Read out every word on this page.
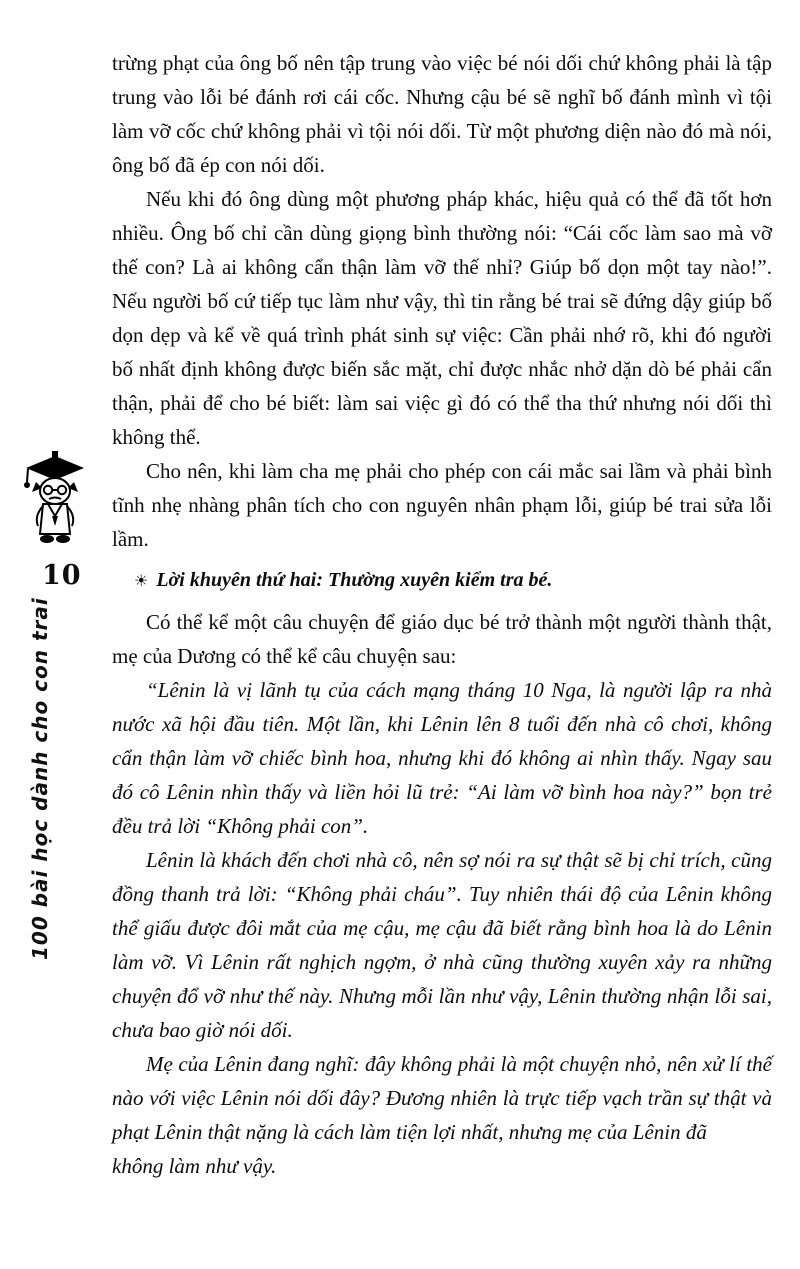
10
100 bài học dành cho con trai

trừng phạt của ông bố nên tập trung vào việc bé nói dối chứ không phải là tập trung vào lỗi bé đánh rơi cái cốc. Nhưng cậu bé sẽ nghĩ bố đánh mình vì tội làm vỡ cốc chứ không phải vì tội nói dối. Từ một phương diện nào đó mà nói, ông bố đã ép con nói dối.

Nếu khi đó ông dùng một phương pháp khác, hiệu quả có thể đã tốt hơn nhiều. Ông bố chỉ cần dùng giọng bình thường nói: “Cái cốc làm sao mà vỡ thế con? Là ai không cẩn thận làm vỡ thế nhỉ? Giúp bố dọn một tay nào!”. Nếu người bố cứ tiếp tục làm như vậy, thì tin rằng bé trai sẽ đứng dậy giúp bố dọn dẹp và kể về quá trình phát sinh sự việc: Cần phải nhớ rõ, khi đó người bố nhất định không được biến sắc mặt, chỉ được nhắc nhở dặn dò bé phải cẩn thận, phải để cho bé biết: làm sai việc gì đó có thể tha thứ nhưng nói dối thì không thể.

Cho nên, khi làm cha mẹ phải cho phép con cái mắc sai lầm và phải bình tĩnh nhẹ nhàng phân tích cho con nguyên nhân phạm lỗi, giúp bé trai sửa lỗi lầm.

☀ Lời khuyên thứ hai: Thường xuyên kiểm tra bé.

Có thể kể một câu chuyện để giáo dục bé trở thành một người thành thật, mẹ của Dương có thể kể câu chuyện sau:

“Lênin là vị lãnh tụ của cách mạng tháng 10 Nga, là người lập ra nhà nước xã hội đầu tiên. Một lần, khi Lênin lên 8 tuổi đến nhà cô chơi, không cẩn thận làm vỡ chiếc bình hoa, nhưng khi đó không ai nhìn thấy. Ngay sau đó cô Lênin nhìn thấy và liền hỏi lũ trẻ: “Ai làm vỡ bình hoa này?” bọn trẻ đều trả lời “Không phải con”.

Lênin là khách đến chơi nhà cô, nên sợ nói ra sự thật sẽ bị chỉ trích, cũng đồng thanh trả lời: “Không phải cháu”. Tuy nhiên thái độ của Lênin không thể giấu được đôi mắt của mẹ cậu, mẹ cậu đã biết rằng bình hoa là do Lênin làm vỡ. Vì Lênin rất nghịch ngợm, ở nhà cũng thường xuyên xảy ra những chuyện đổ vỡ như thế này. Nhưng mỗi lần như vậy, Lênin thường nhận lỗi sai, chưa bao giờ nói dối.

Mẹ của Lênin đang nghĩ: đây không phải là một chuyện nhỏ, nên xử lí thế nào với việc Lênin nói dối đây? Đương nhiên là trực tiếp vạch trần sự thật và phạt Lênin thật nặng là cách làm tiện lợi nhất, nhưng mẹ của Lênin đã

không làm như vậy.
